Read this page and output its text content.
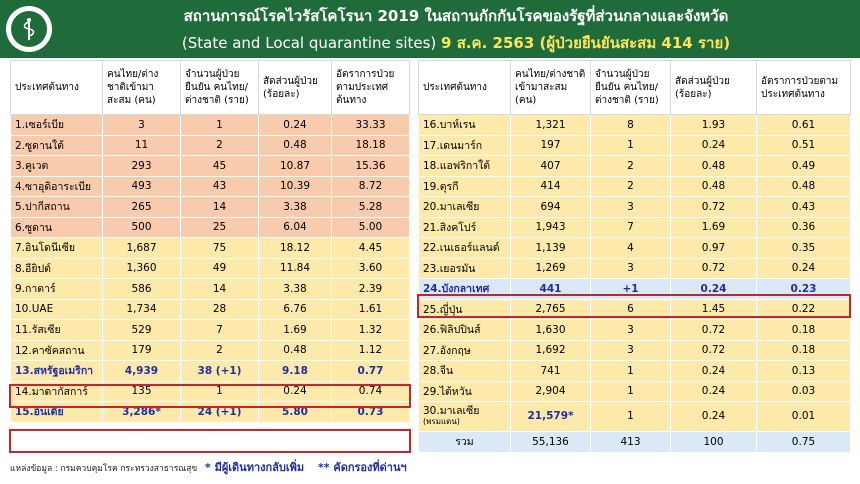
สถานการณ์โรคไวรัสโคโรนา 2019 ในสถานกักกันโรคของรัฐที่ส่วนกลางและจังหวัด
(State and Local quarantine sites) 9 ส.ค. 2563 (ผู้ป่วยยืนยันสะสม 414 ราย)
ประเทศต้นทาง	คนไทย/ต่างชาติเข้ามาสะสม (คน)	จำนวนผู้ป่วยยืนยัน คนไทย/ต่างชาติ (ราย)	สัดส่วนผู้ป่วย (ร้อยละ)	อัตราการป่วยตามประเทศต้นทาง
1.เซอร์เบีย	3	1	0.24	33.33
2.ซูดานใต้	11	2	0.48	18.18
3.คูเวต	293	45	10.87	15.36
4.ซาอุดิอาระเบีย	493	43	10.39	8.72
5.ปากีสถาน	265	14	3.38	5.28
6.ซูดาน	500	25	6.04	5.00
7.อินโดนีเซีย	1,687	75	18.12	4.45
8.อียิปต์	1,360	49	11.84	3.60
9.กาตาร์	586	14	3.38	2.39
10.UAE	1,734	28	6.76	1.61
11.รัสเซีย	529	7	1.69	1.32
12.คาซัคสถาน	179	2	0.48	1.12
13.สหรัฐอเมริกา	4,939	38 (+1)	9.18	0.77
14.มาดากัสการ์	135	1	0.24	0.74
15.อินเดีย	3,286*	24 (+1)	5.80	0.73
ประเทศต้นทาง	คนไทย/ต่างชาติเข้ามาสะสม (คน)	จำนวนผู้ป่วยยืนยัน คนไทย/ต่างชาติ (ราย)	สัดส่วนผู้ป่วย (ร้อยละ)	อัตราการป่วยตามประเทศต้นทาง
16.บาห์เรน	1,321	8	1.93	0.61
17.เดนมาร์ก	197	1	0.24	0.51
18.แอฟริกาใต้	407	2	0.48	0.49
19.ตุรกี	414	2	0.48	0.48
20.มาเลเซีย	694	3	0.72	0.43
21.สิงคโปร์	1,943	7	1.69	0.36
22.เนเธอร์แลนด์	1,139	4	0.97	0.35
23.เยอรมัน	1,269	3	0.72	0.24
24.บังกลาเทศ	441	+1	0.24	0.23
25.ญี่ปุ่น	2,765	6	1.45	0.22
26.ฟิลิปปินส์	1,630	3	0.72	0.18
27.อังกฤษ	1,692	3	0.72	0.18
28.จีน	741	1	0.24	0.13
29.ไต้หวัน	2,904	1	0.24	0.03
30.มาเลเซีย
(พรมแดน)	21,579*	1	0.24	0.01
รวม	55,136	413	100	0.75
แหล่งข้อมูล : กรมควบคุมโรค กระทรวงสาธารณสุข * มีผู้เดินทางกลับเพิ่ม ** คัดกรองที่ด่านฯ
